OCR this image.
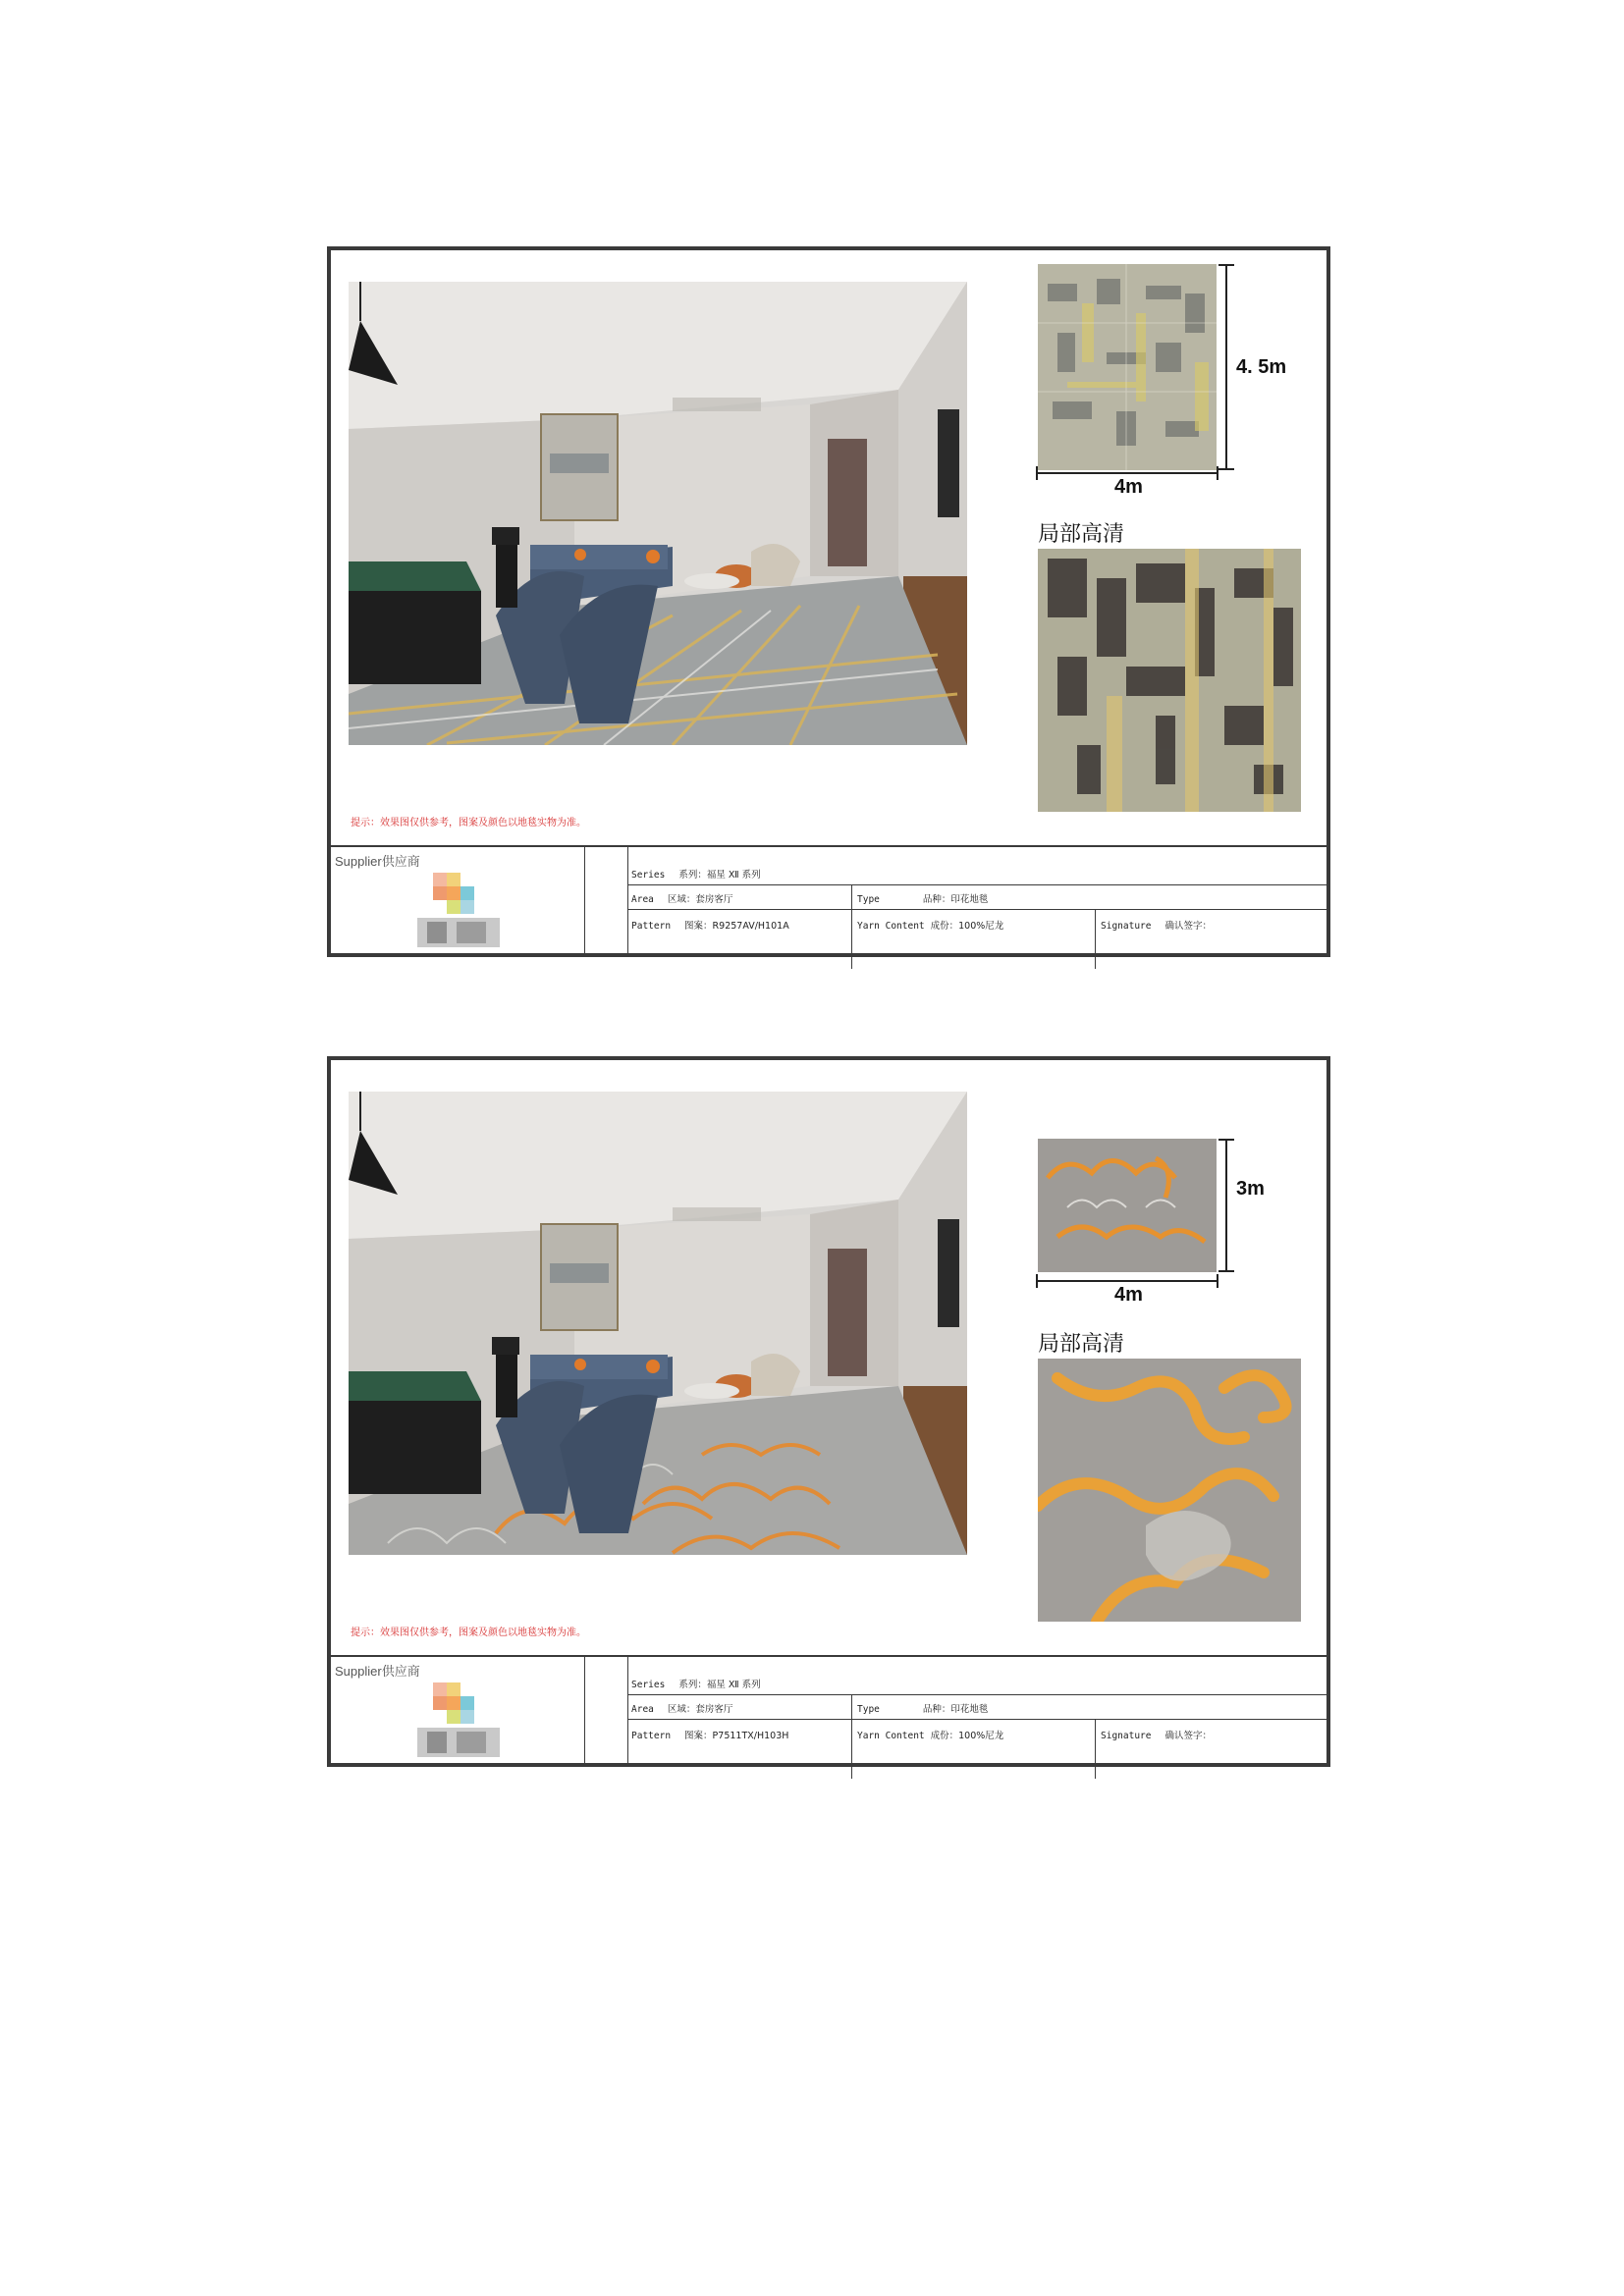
4. 5m
4m
局部高清
提示：效果图仅供参考，图案及颜色以地毯实物为准。
Supplier供应商
Series 系列：福星 Ⅻ 系列
Area 区域：套房客厅	Type	品种：印花地毯
Pattern 图案：R9257AV/H101A	Yarn Content 成份：100%尼龙	Signature 确认签字：
3m
4m
局部高清
提示：效果图仅供参考，图案及颜色以地毯实物为准。
Supplier供应商
Series 系列：福星 Ⅻ 系列
Area 区域：套房客厅	Type	品种：印花地毯
Pattern 图案：P7511TX/H103H	Yarn Content 成份：100%尼龙	Signature 确认签字：
